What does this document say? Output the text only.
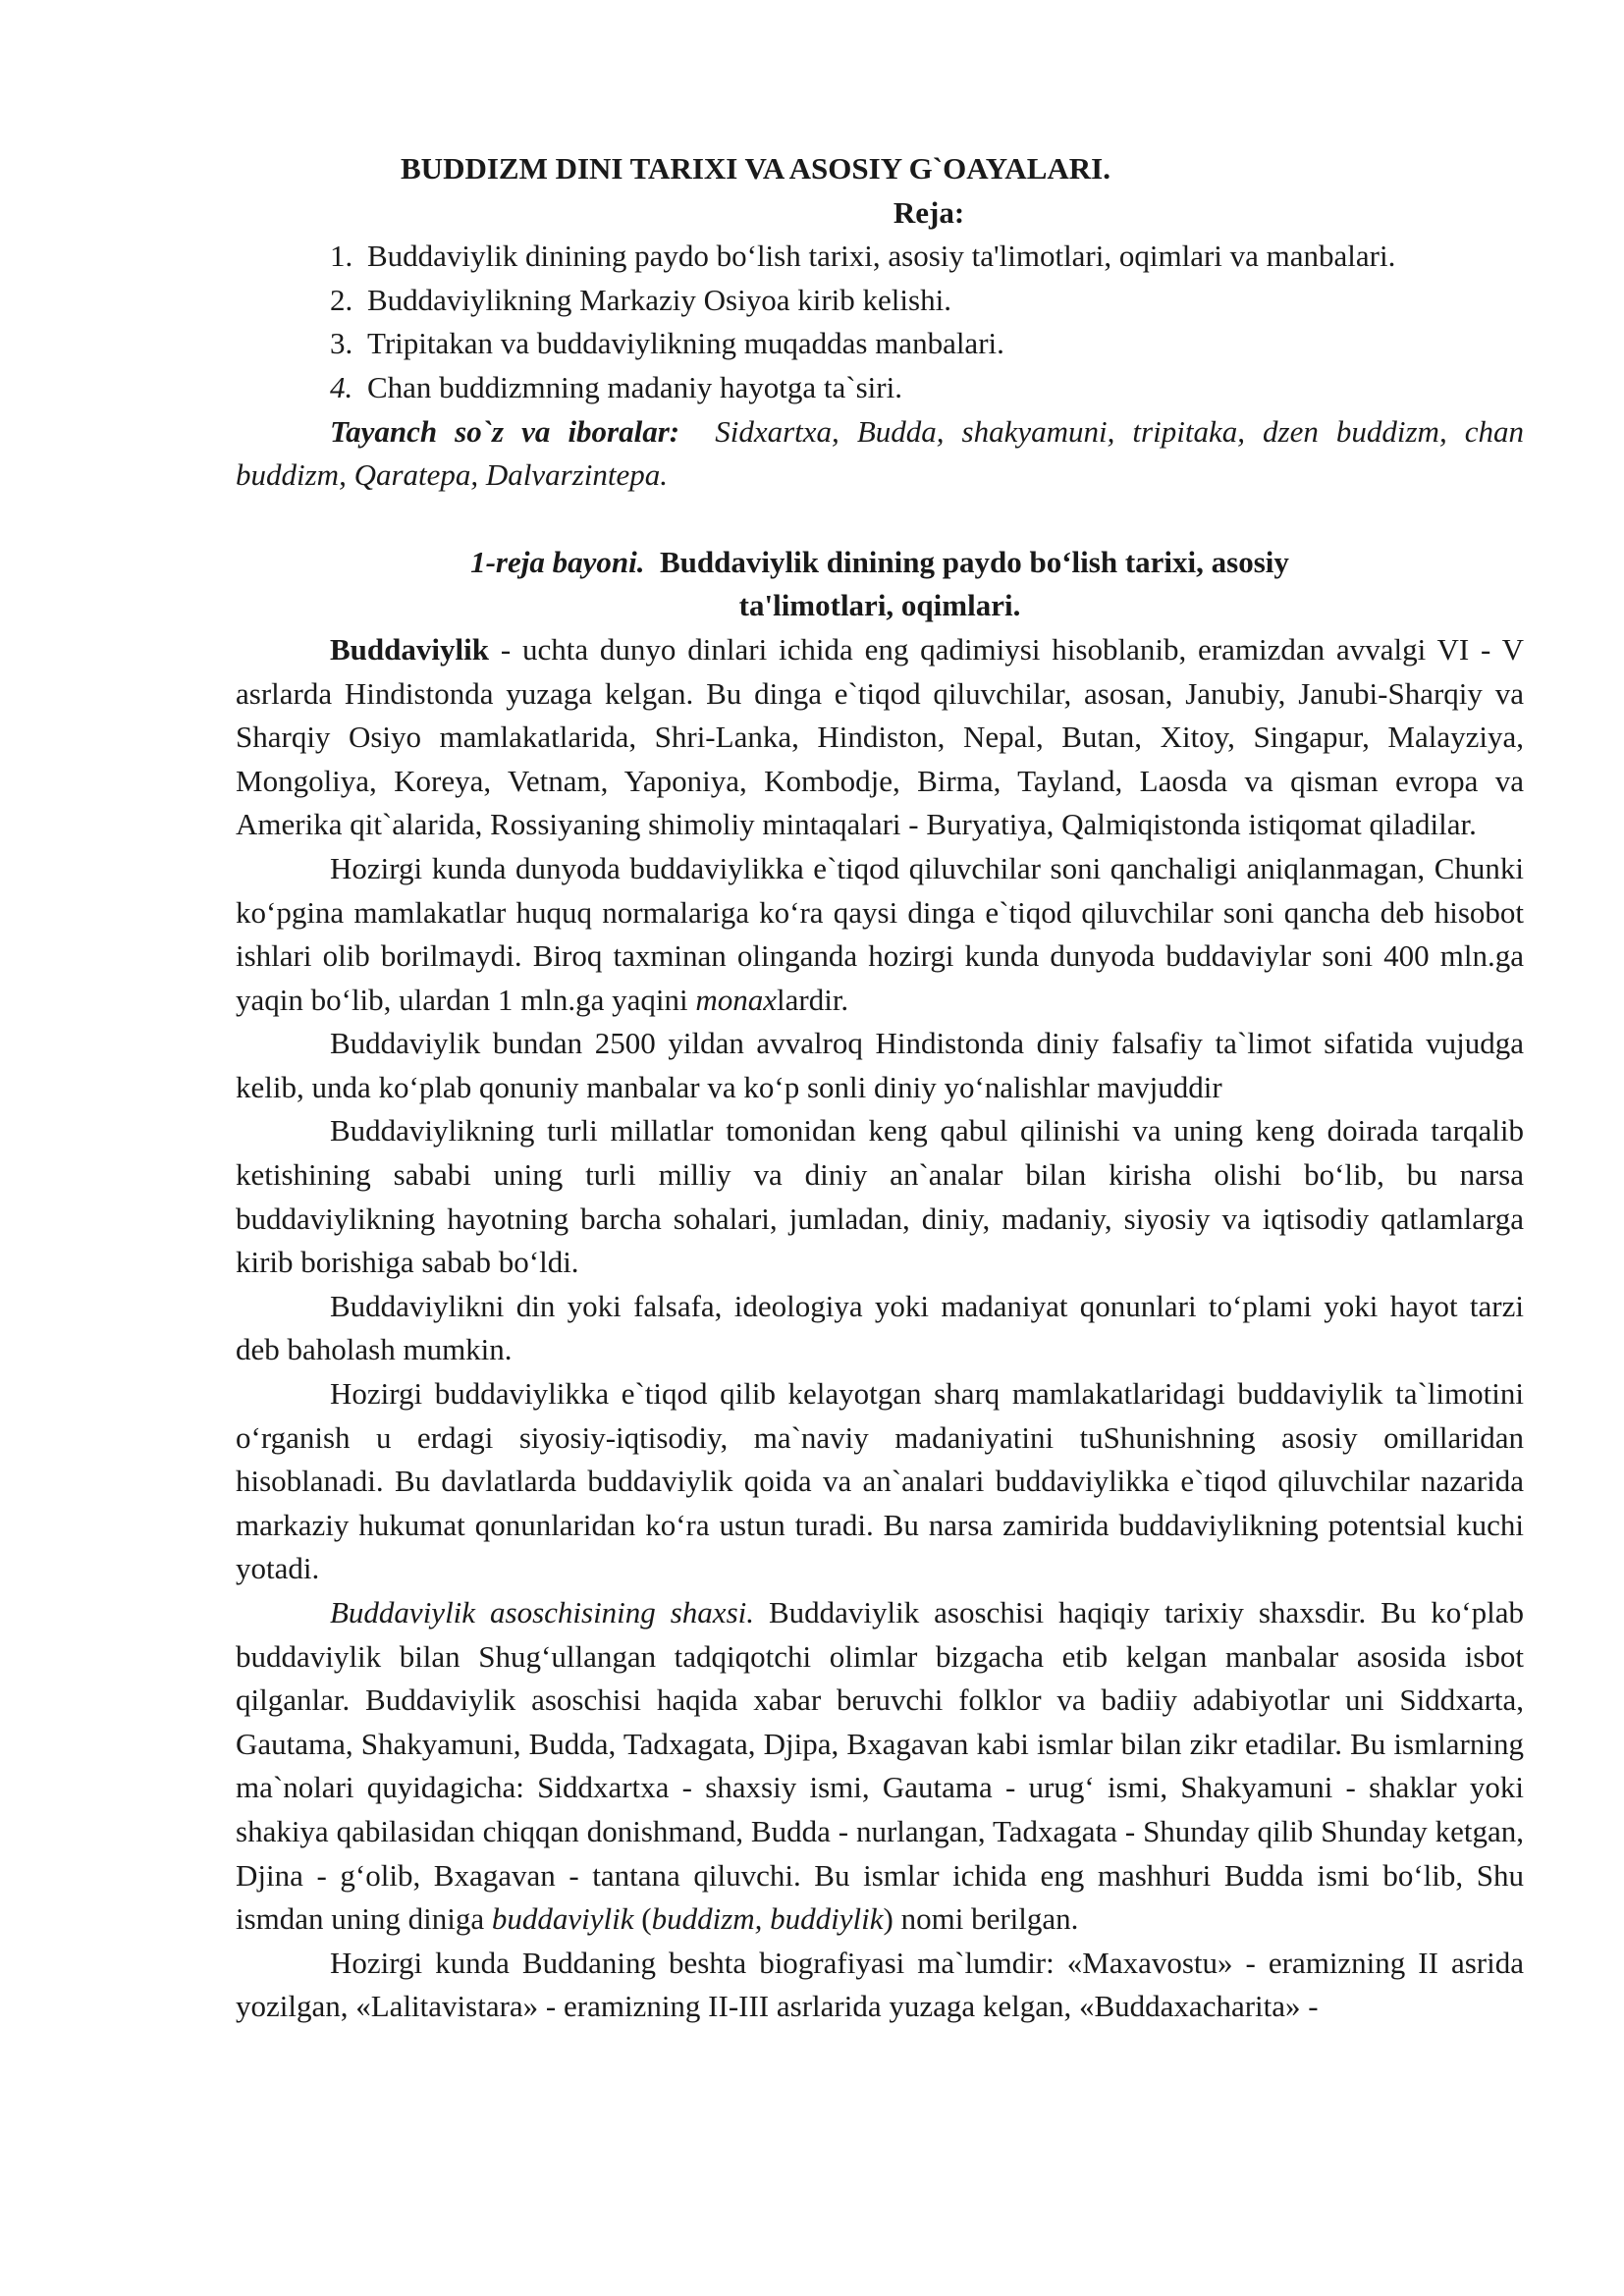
BUDDIZM DINI TARIXI VA ASOSIY G`OAYALARI.
Reja:
1. Buddaviylik dinining paydo bo‘lish tarixi, asosiy ta'limotlari, oqimlari va manbalari.
2. Buddaviylikning Markaziy Osiyoa kirib kelishi.
3. Tripitakan va buddaviylikning muqaddas manbalari.
4. Chan buddizmning madaniy hayotga ta`siri.

Tayanch so`z va iboralar: Sidxartxa, Budda, shakyamuni, tripitaka, dzen buddizm, chan buddizm, Qaratepa, Dalvarzintepa.

1-reja bayoni. Buddaviylik dinining paydo bo‘lish tarixi, asosiy
ta'limotlari, oqimlari.

Buddaviylik - uchta dunyo dinlari ichida eng qadimiysi hisoblanib, eramizdan avvalgi VI - V asrlarda Hindistonda yuzaga kelgan. Bu dinga e`tiqod qiluvchilar, asosan, Janubiy, Janubi-Sharqiy va Sharqiy Osiyo mamlakatlarida, Shri-Lanka, Hindiston, Nepal, Butan, Xitoy, Singapur, Malayziya, Mongoliya, Koreya, Vetnam, Yaponiya, Kombodje, Birma, Tayland, Laosda va qisman evropa va Amerika qit`alarida, Rossiyaning shimoliy mintaqalari - Buryatiya, Qalmiqistonda istiqomat qiladilar.

Hozirgi kunda dunyoda buddaviylikka e`tiqod qiluvchilar soni qanchaligi aniqlanmagan, Chunki ko‘pgina mamlakatlar huquq normalariga ko‘ra qaysi dinga e`tiqod qiluvchilar soni qancha deb hisobot ishlari olib borilmaydi. Biroq taxminan olinganda hozirgi kunda dunyoda buddaviylar soni 400 mln.ga yaqin bo‘lib, ulardan 1 mln.ga yaqini monaxlardir.

Buddaviylik bundan 2500 yildan avvalroq Hindistonda diniy falsafiy ta`limot sifatida vujudga kelib, unda ko‘plab qonuniy manbalar va ko‘p sonli diniy yo‘nalishlar mavjuddir

Buddaviylikning turli millatlar tomonidan keng qabul qilinishi va uning keng doirada tarqalib ketishining sababi uning turli milliy va diniy an`analar bilan kirisha olishi bo‘lib, bu narsa buddaviylikning hayotning barcha sohalari, jumladan, diniy, madaniy, siyosiy va iqtisodiy qatlamlarga kirib borishiga sabab bo‘ldi.

Buddaviylikni din yoki falsafa, ideologiya yoki madaniyat qonunlari to‘plami yoki hayot tarzi deb baholash mumkin.

Hozirgi buddaviylikka e`tiqod qilib kelayotgan sharq mamlakatlaridagi buddaviylik ta`limotini o‘rganish u erdagi siyosiy-iqtisodiy, ma`naviy madaniyatini tuShunishning asosiy omillaridan hisoblanadi. Bu davlatlarda buddaviylik qoida va an`analari buddaviylikka e`tiqod qiluvchilar nazarida markaziy hukumat qonunlaridan ko‘ra ustun turadi. Bu narsa zamirida buddaviylikning potentsial kuchi yotadi.

Buddaviylik asoschisining shaxsi. Buddaviylik asoschisi haqiqiy tarixiy shaxsdir. Bu ko‘plab buddaviylik bilan Shug‘ullangan tadqiqotchi olimlar bizgacha etib kelgan manbalar asosida isbot qilganlar. Buddaviylik asoschisi haqida xabar beruvchi folklor va badiiy adabiyotlar uni Siddxarta, Gautama, Shakyamuni, Budda, Tadxagata, Djipa, Bxagavan kabi ismlar bilan zikr etadilar. Bu ismlarning ma`nolari quyidagicha: Siddxartxa - shaxsiy ismi, Gautama - urug‘ ismi, Shakyamuni - shaklar yoki shakiya qabilasidan chiqqan donishmand, Budda - nurlangan, Tadxagata - Shunday qilib Shunday ketgan, Djina - g‘olib, Bxagavan - tantana qiluvchi. Bu ismlar ichida eng mashhuri Budda ismi bo‘lib, Shu ismdan uning diniga buddaviylik (buddizm, buddiylik) nomi berilgan.

Hozirgi kunda Buddaning beshta biografiyasi ma`lumdir: «Maxavostu» - eramizning II asrida yozilgan, «Lalitavistara» - eramizning II-III asrlarida yuzaga kelgan, «Buddaxacharita» -
